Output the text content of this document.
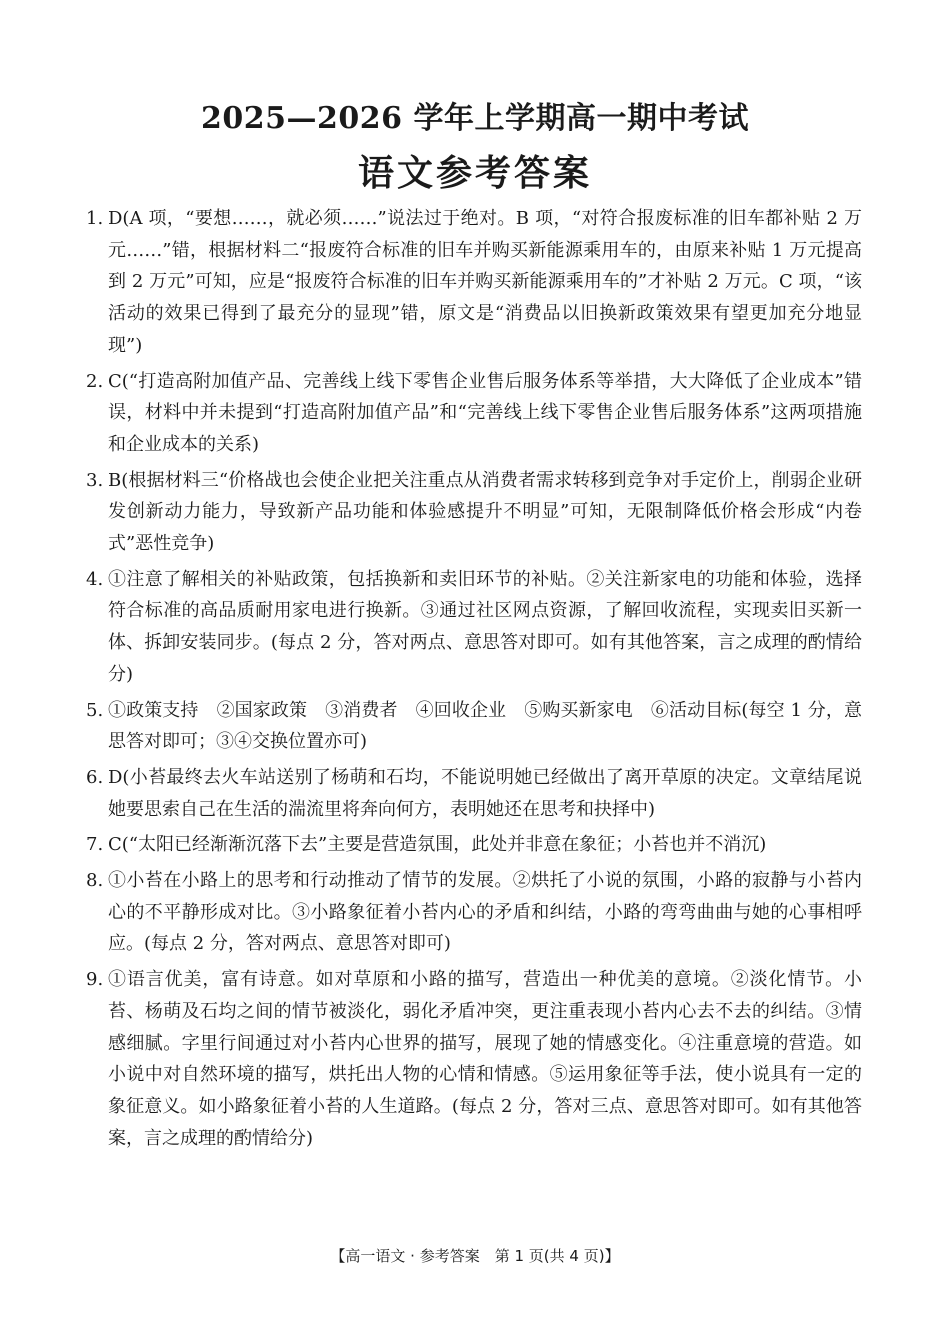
2025—2026 学年上学期高一期中考试
语文参考答案
1. D(A 项，“要想……，就必须……”说法过于绝对。B 项，“对符合报废标准的旧车都补贴 2 万元……”错，根据材料二“报废符合标准的旧车并购买新能源乘用车的，由原来补贴 1 万元提高到 2 万元”可知，应是“报废符合标准的旧车并购买新能源乘用车的”才补贴 2 万元。C 项，“该活动的效果已得到了最充分的显现”错，原文是“消费品以旧换新政策效果有望更加充分地显现”)
2. C(“打造高附加值产品、完善线上线下零售企业售后服务体系等举措，大大降低了企业成本”错误，材料中并未提到“打造高附加值产品”和“完善线上线下零售企业售后服务体系”这两项措施和企业成本的关系)
3. B(根据材料三“价格战也会使企业把关注重点从消费者需求转移到竞争对手定价上，削弱企业研发创新动力能力，导致新产品功能和体验感提升不明显”可知，无限制降低价格会形成“内卷式”恶性竞争)
4. ①注意了解相关的补贴政策，包括换新和卖旧环节的补贴。②关注新家电的功能和体验，选择符合标准的高品质耐用家电进行换新。③通过社区网点资源，了解回收流程，实现卖旧买新一体、拆卸安装同步。(每点 2 分，答对两点、意思答对即可。如有其他答案，言之成理的酌情给分)
5. ①政策支持　②国家政策　③消费者　④回收企业　⑤购买新家电　⑥活动目标(每空 1 分，意思答对即可；③④交换位置亦可)
6. D(小苔最终去火车站送别了杨萌和石均，不能说明她已经做出了离开草原的决定。文章结尾说她要思索自己在生活的湍流里将奔向何方，表明她还在思考和抉择中)
7. C(“太阳已经渐渐沉落下去”主要是营造氛围，此处并非意在象征；小苔也并不消沉)
8. ①小苔在小路上的思考和行动推动了情节的发展。②烘托了小说的氛围，小路的寂静与小苔内心的不平静形成对比。③小路象征着小苔内心的矛盾和纠结，小路的弯弯曲曲与她的心事相呼应。(每点 2 分，答对两点、意思答对即可)
9. ①语言优美，富有诗意。如对草原和小路的描写，营造出一种优美的意境。②淡化情节。小苔、杨萌及石均之间的情节被淡化，弱化矛盾冲突，更注重表现小苔内心去不去的纠结。③情感细腻。字里行间通过对小苔内心世界的描写，展现了她的情感变化。④注重意境的营造。如小说中对自然环境的描写，烘托出人物的心情和情感。⑤运用象征等手法，使小说具有一定的象征意义。如小路象征着小苔的人生道路。(每点 2 分，答对三点、意思答对即可。如有其他答案，言之成理的酌情给分)
【高一语文 · 参考答案　第 1 页(共 4 页)】
